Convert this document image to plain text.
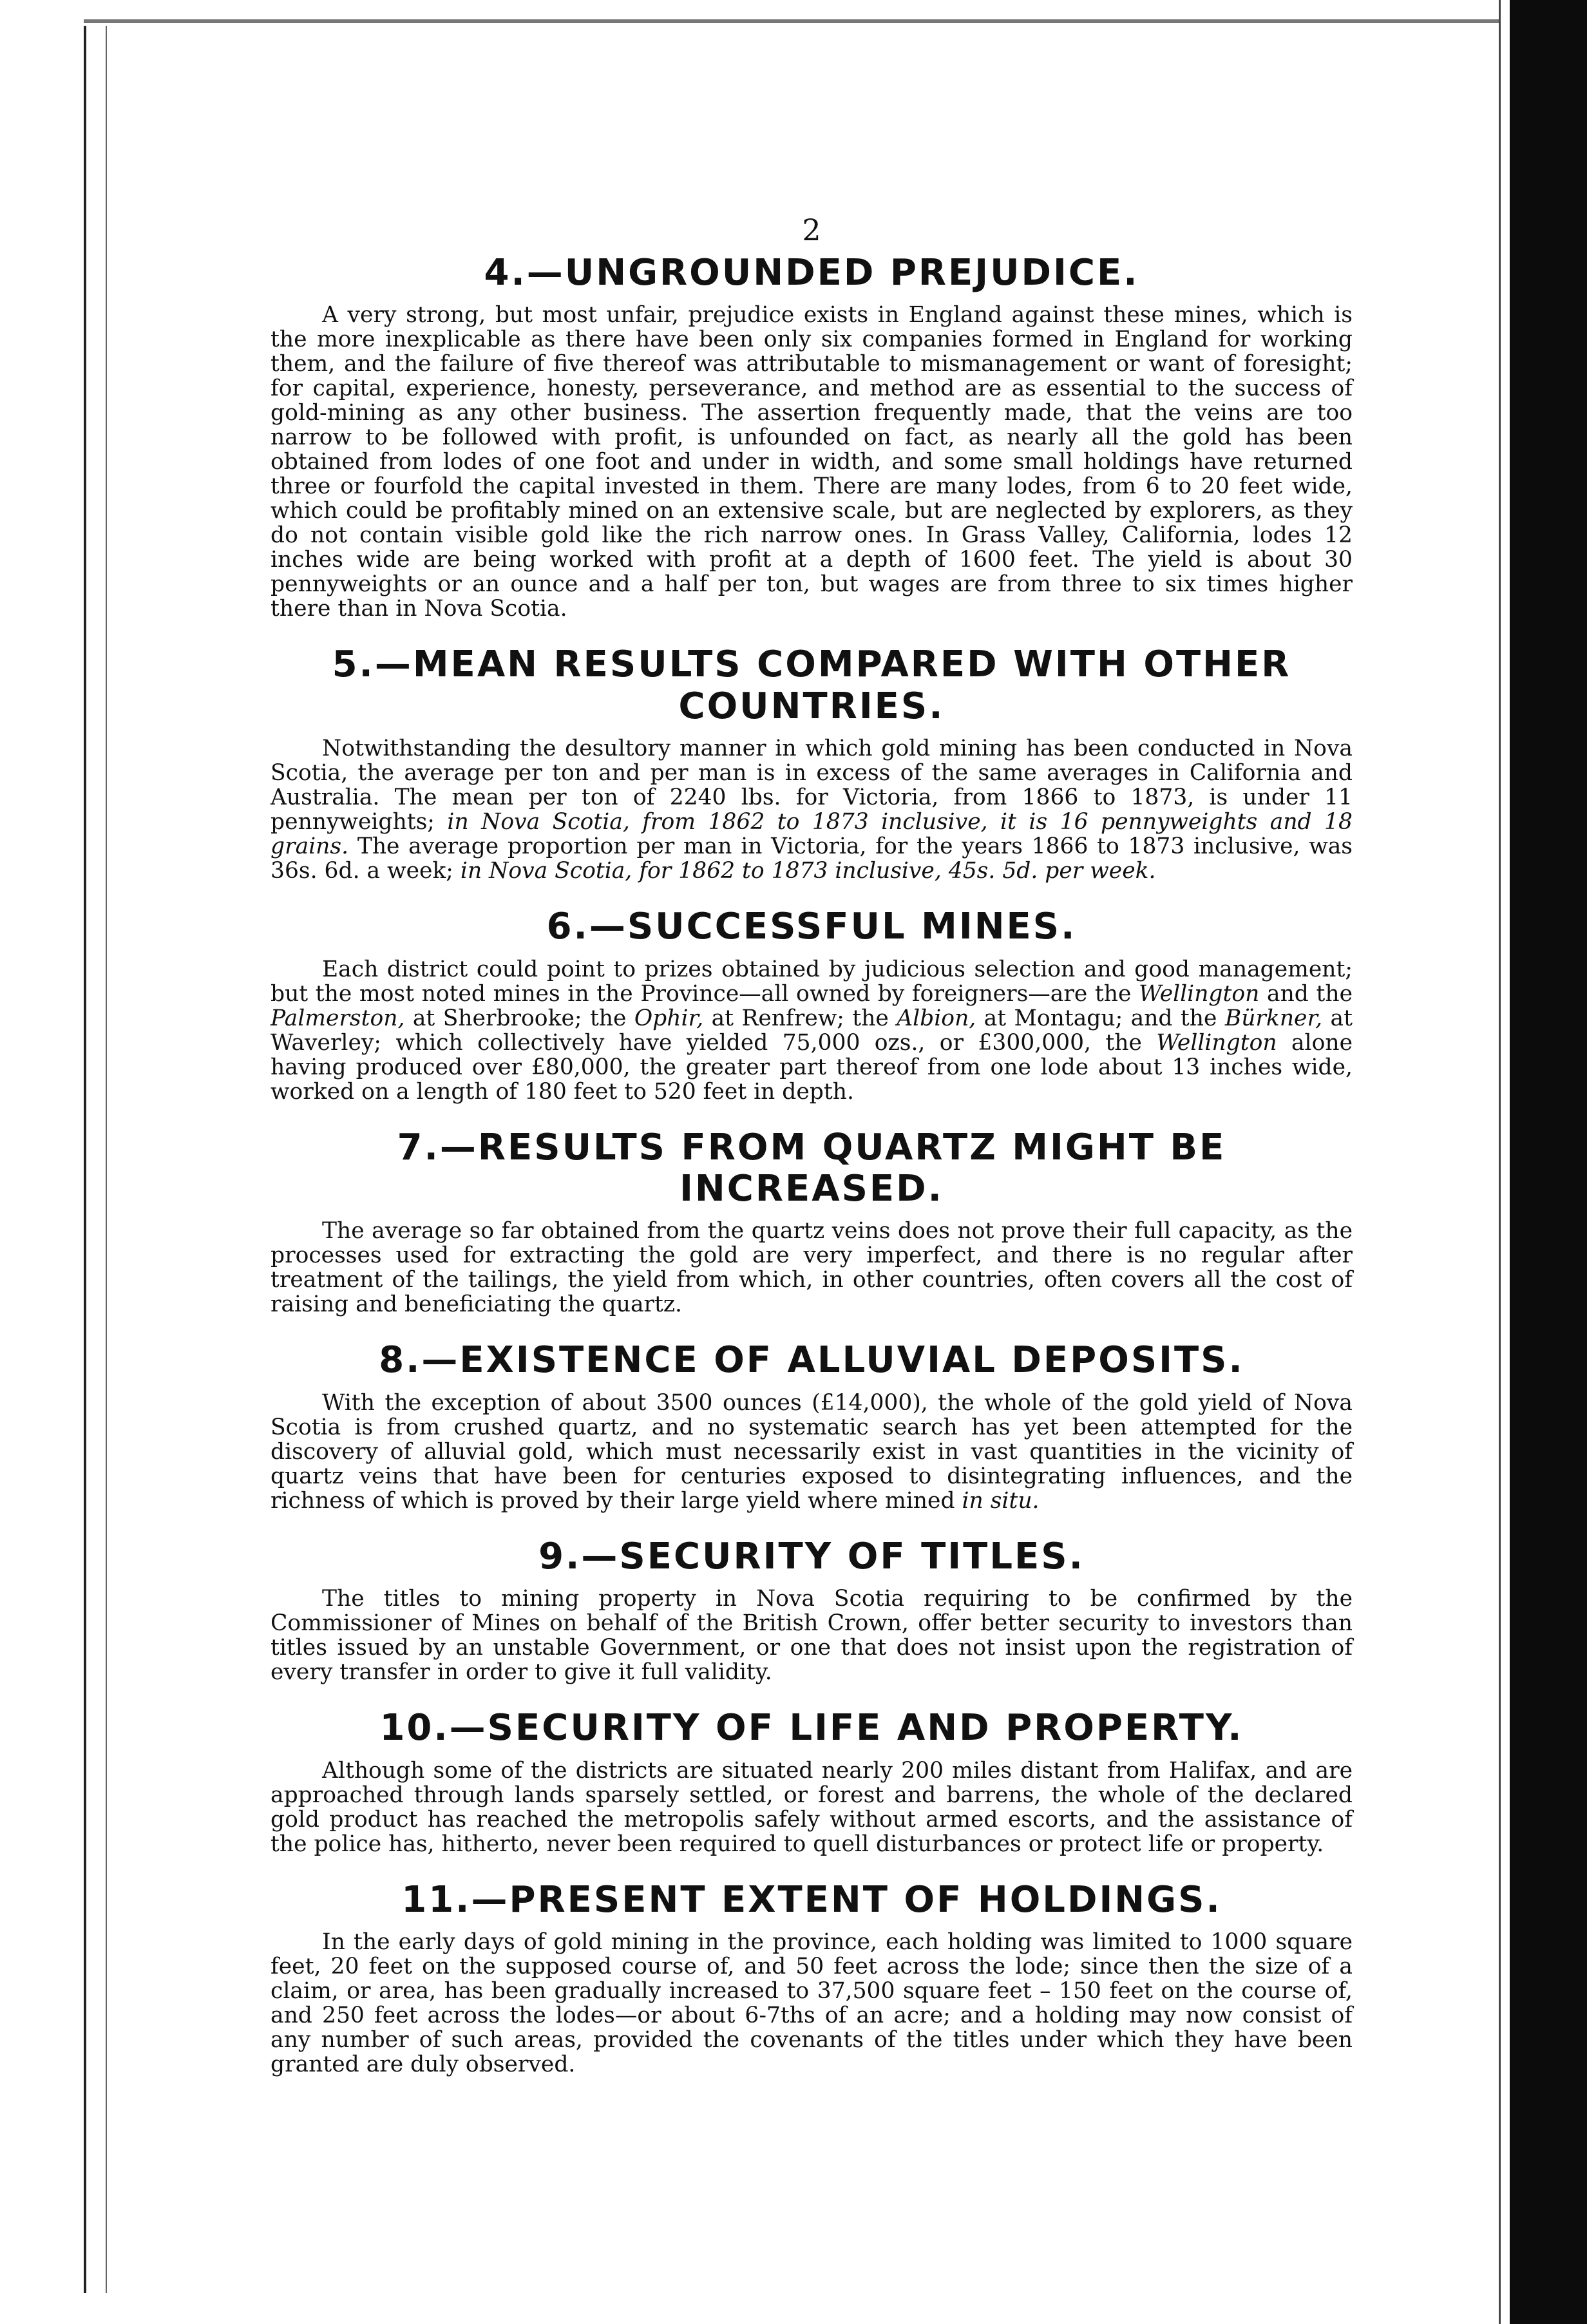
2
4.—UNGROUNDED PREJUDICE.

A very strong, but most unfair, prejudice exists in England against these mines, which is the more inexplicable as there have been only six companies formed in England for working them, and the failure of five thereof was attributable to mismanagement or want of foresight; for capital, experience, honesty, perseverance, and method are as essential to the success of gold-mining as any other business. The assertion frequently made, that the veins are too narrow to be followed with profit, is unfounded on fact, as nearly all the gold has been obtained from lodes of one foot and under in width, and some small holdings have returned three or fourfold the capital invested in them. There are many lodes, from 6 to 20 feet wide, which could be profitably mined on an extensive scale, but are neglected by explorers, as they do not contain visible gold like the rich narrow ones. In Grass Valley, California, lodes 12 inches wide are being worked with profit at a depth of 1600 feet. The yield is about 30 pennyweights or an ounce and a half per ton, but wages are from three to six times higher there than in Nova Scotia.

5.—MEAN RESULTS COMPARED WITH OTHER COUNTRIES.

Notwithstanding the desultory manner in which gold mining has been conducted in Nova Scotia, the average per ton and per man is in excess of the same averages in California and Australia. The mean per ton of 2240 lbs. for Victoria, from 1866 to 1873, is under 11 pennyweights; in Nova Scotia, from 1862 to 1873 inclusive, it is 16 pennyweights and 18 grains. The average proportion per man in Victoria, for the years 1866 to 1873 inclusive, was 36s. 6d. a week; in Nova Scotia, for 1862 to 1873 inclusive, 45s. 5d. per week.

6.—SUCCESSFUL MINES.

Each district could point to prizes obtained by judicious selection and good management; but the most noted mines in the Province—all owned by foreigners—are the Wellington and the Palmerston, at Sherbrooke; the Ophir, at Renfrew; the Albion, at Montagu; and the Bürkner, at Waverley; which collectively have yielded 75,000 ozs., or £300,000, the Wellington alone having produced over £80,000, the greater part thereof from one lode about 13 inches wide, worked on a length of 180 feet to 520 feet in depth.

7.—RESULTS FROM QUARTZ MIGHT BE INCREASED.

The average so far obtained from the quartz veins does not prove their full capacity, as the processes used for extracting the gold are very imperfect, and there is no regular after treatment of the tailings, the yield from which, in other countries, often covers all the cost of raising and beneficiating the quartz.

8.—EXISTENCE OF ALLUVIAL DEPOSITS.

With the exception of about 3500 ounces (£14,000), the whole of the gold yield of Nova Scotia is from crushed quartz, and no systematic search has yet been attempted for the discovery of alluvial gold, which must necessarily exist in vast quantities in the vicinity of quartz veins that have been for centuries exposed to disintegrating influences, and the richness of which is proved by their large yield where mined in situ.

9.—SECURITY OF TITLES.

The titles to mining property in Nova Scotia requiring to be confirmed by the Commissioner of Mines on behalf of the British Crown, offer better security to investors than titles issued by an unstable Government, or one that does not insist upon the registration of every transfer in order to give it full validity.

10.—SECURITY OF LIFE AND PROPERTY.

Although some of the districts are situated nearly 200 miles distant from Halifax, and are approached through lands sparsely settled, or forest and barrens, the whole of the declared gold product has reached the metropolis safely without armed escorts, and the assistance of the police has, hitherto, never been required to quell disturbances or protect life or property.

11.—PRESENT EXTENT OF HOLDINGS.

In the early days of gold mining in the province, each holding was limited to 1000 square feet, 20 feet on the supposed course of, and 50 feet across the lode; since then the size of a claim, or area, has been gradually increased to 37,500 square feet – 150 feet on the course of, and 250 feet across the lodes—or about 6-7ths of an acre; and a holding may now consist of any number of such areas, provided the covenants of the titles under which they have been granted are duly observed.
